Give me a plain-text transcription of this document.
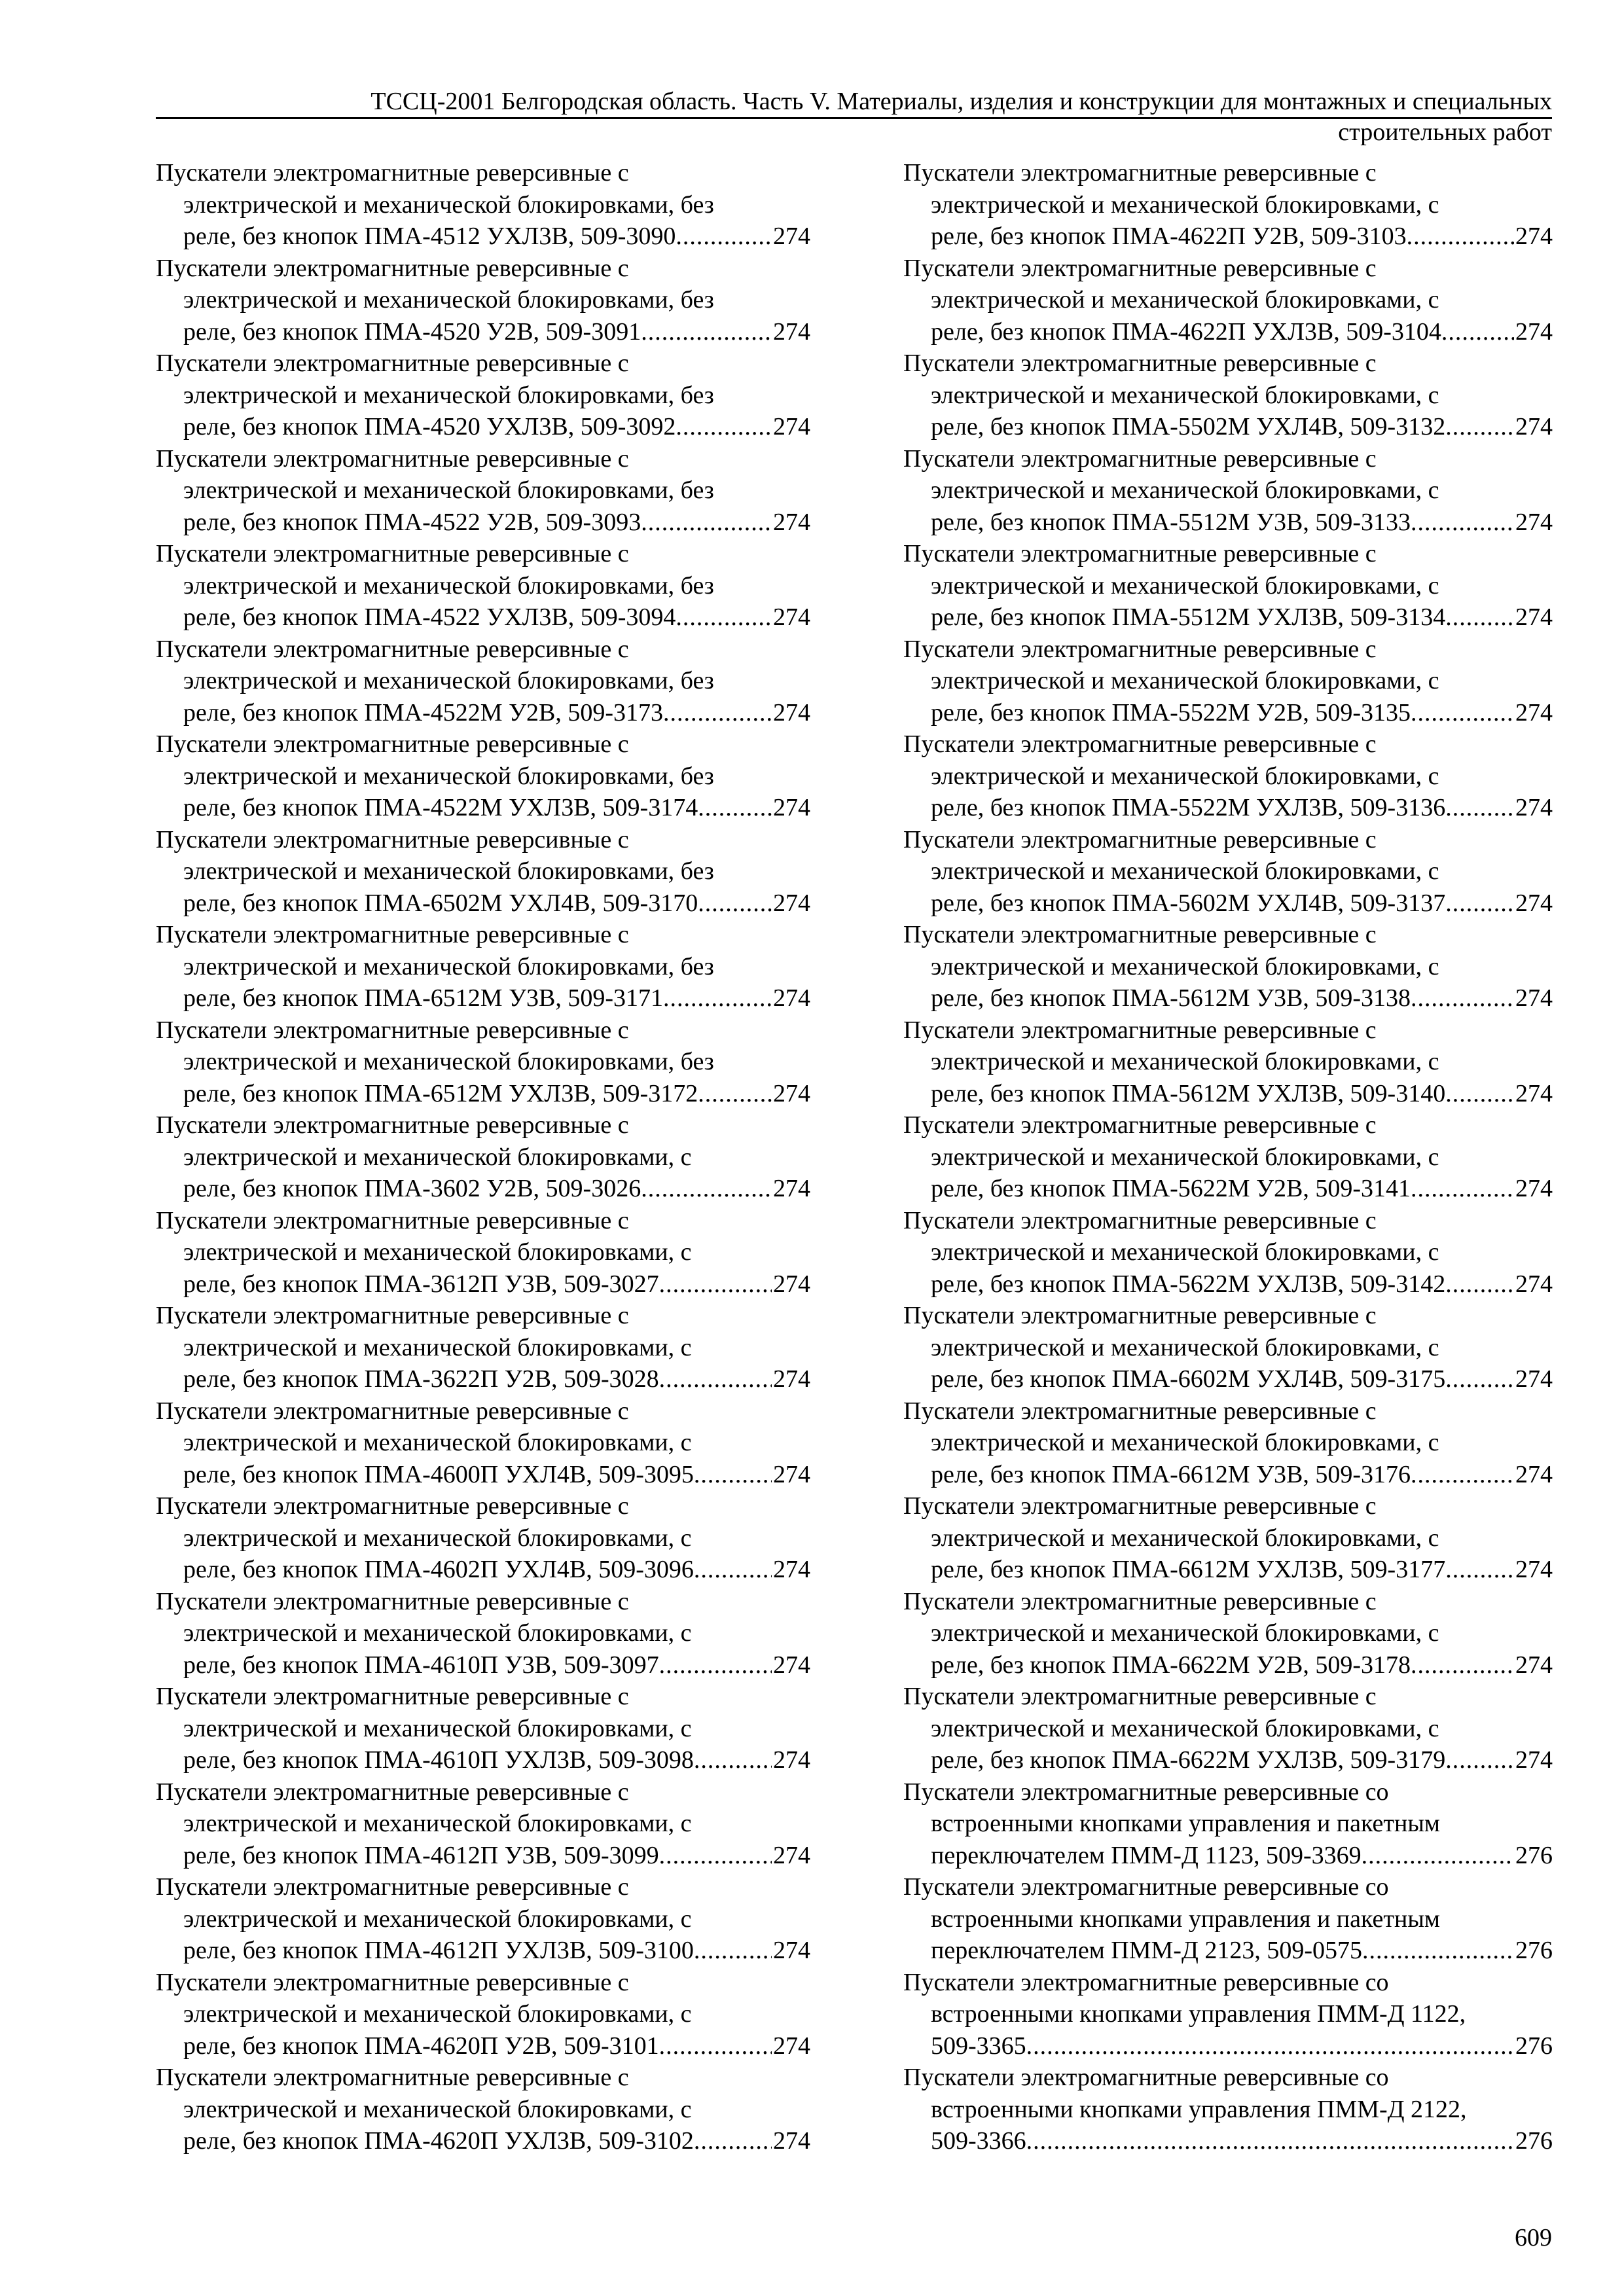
ТССЦ-2001 Белгородская область. Часть V. Материалы, изделия и конструкции для монтажных и специальных
строительных работ
Пускатели электромагнитные реверсивные с
электрической и механической блокировками, без
реле, без кнопок ПМА-4512 УХЛ3В, 509-3090 .....	274
Пускатели электромагнитные реверсивные с
электрической и механической блокировками, без
реле, без кнопок ПМА-4520 У2В, 509-3091 .....	274
Пускатели электромагнитные реверсивные с
электрической и механической блокировками, без
реле, без кнопок ПМА-4520 УХЛ3В, 509-3092 .....	274
Пускатели электромагнитные реверсивные с
электрической и механической блокировками, без
реле, без кнопок ПМА-4522 У2В, 509-3093 .....	274
Пускатели электромагнитные реверсивные с
электрической и механической блокировками, без
реле, без кнопок ПМА-4522 УХЛ3В, 509-3094 .....	274
Пускатели электромагнитные реверсивные с
электрической и механической блокировками, без
реле, без кнопок ПМА-4522М У2В, 509-3173 .....	274
Пускатели электромагнитные реверсивные с
электрической и механической блокировками, без
реле, без кнопок ПМА-4522М УХЛ3В, 509-3174 .....	274
Пускатели электромагнитные реверсивные с
электрической и механической блокировками, без
реле, без кнопок ПМА-6502М УХЛ4В, 509-3170 .....	274
Пускатели электромагнитные реверсивные с
электрической и механической блокировками, без
реле, без кнопок ПМА-6512М У3В, 509-3171 .....	274
Пускатели электромагнитные реверсивные с
электрической и механической блокировками, без
реле, без кнопок ПМА-6512М УХЛ3В, 509-3172 .....	274
Пускатели электромагнитные реверсивные с
электрической и механической блокировками, с
реле, без кнопок ПМА-3602 У2В, 509-3026 .....	274
Пускатели электромагнитные реверсивные с
электрической и механической блокировками, с
реле, без кнопок ПМА-3612П У3В, 509-3027 .....	274
Пускатели электромагнитные реверсивные с
электрической и механической блокировками, с
реле, без кнопок ПМА-3622П У2В, 509-3028 .....	274
Пускатели электромагнитные реверсивные с
электрической и механической блокировками, с
реле, без кнопок ПМА-4600П УХЛ4В, 509-3095 .....	274
Пускатели электромагнитные реверсивные с
электрической и механической блокировками, с
реле, без кнопок ПМА-4602П УХЛ4В, 509-3096 .....	274
Пускатели электромагнитные реверсивные с
электрической и механической блокировками, с
реле, без кнопок ПМА-4610П У3В, 509-3097 .....	274
Пускатели электромагнитные реверсивные с
электрической и механической блокировками, с
реле, без кнопок ПМА-4610П УХЛ3В, 509-3098 .....	274
Пускатели электромагнитные реверсивные с
электрической и механической блокировками, с
реле, без кнопок ПМА-4612П У3В, 509-3099 .....	274
Пускатели электромагнитные реверсивные с
электрической и механической блокировками, с
реле, без кнопок ПМА-4612П УХЛ3В, 509-3100 .....	274
Пускатели электромагнитные реверсивные с
электрической и механической блокировками, с
реле, без кнопок ПМА-4620П У2В, 509-3101 .....	274
Пускатели электромагнитные реверсивные с
электрической и механической блокировками, с
реле, без кнопок ПМА-4620П УХЛ3В, 509-3102 .....	274
Пускатели электромагнитные реверсивные с
электрической и механической блокировками, с
реле, без кнопок ПМА-4622П У2В, 509-3103 .....	274
Пускатели электромагнитные реверсивные с
электрической и механической блокировками, с
реле, без кнопок ПМА-4622П УХЛ3В, 509-3104 .....	274
Пускатели электромагнитные реверсивные с
электрической и механической блокировками, с
реле, без кнопок ПМА-5502М УХЛ4В, 509-3132 .....	274
Пускатели электромагнитные реверсивные с
электрической и механической блокировками, с
реле, без кнопок ПМА-5512М У3В, 509-3133 .....	274
Пускатели электромагнитные реверсивные с
электрической и механической блокировками, с
реле, без кнопок ПМА-5512М УХЛ3В, 509-3134 .....	274
Пускатели электромагнитные реверсивные с
электрической и механической блокировками, с
реле, без кнопок ПМА-5522М У2В, 509-3135 .....	274
Пускатели электромагнитные реверсивные с
электрической и механической блокировками, с
реле, без кнопок ПМА-5522М УХЛ3В, 509-3136 .....	274
Пускатели электромагнитные реверсивные с
электрической и механической блокировками, с
реле, без кнопок ПМА-5602М УХЛ4В, 509-3137 .....	274
Пускатели электромагнитные реверсивные с
электрической и механической блокировками, с
реле, без кнопок ПМА-5612М У3В, 509-3138 .....	274
Пускатели электромагнитные реверсивные с
электрической и механической блокировками, с
реле, без кнопок ПМА-5612М УХЛ3В, 509-3140 .....	274
Пускатели электромагнитные реверсивные с
электрической и механической блокировками, с
реле, без кнопок ПМА-5622М У2В, 509-3141 .....	274
Пускатели электромагнитные реверсивные с
электрической и механической блокировками, с
реле, без кнопок ПМА-5622М УХЛ3В, 509-3142 .....	274
Пускатели электромагнитные реверсивные с
электрической и механической блокировками, с
реле, без кнопок ПМА-6602М УХЛ4В, 509-3175 .....	274
Пускатели электромагнитные реверсивные с
электрической и механической блокировками, с
реле, без кнопок ПМА-6612М У3В, 509-3176 .....	274
Пускатели электромагнитные реверсивные с
электрической и механической блокировками, с
реле, без кнопок ПМА-6612М УХЛ3В, 509-3177 .....	274
Пускатели электромагнитные реверсивные с
электрической и механической блокировками, с
реле, без кнопок ПМА-6622М У2В, 509-3178 .....	274
Пускатели электромагнитные реверсивные с
электрической и механической блокировками, с
реле, без кнопок ПМА-6622М УХЛ3В, 509-3179 .....	274
Пускатели электромагнитные реверсивные со
встроенными кнопками управления и пакетным
переключателем ПММ-Д 1123, 509-3369 .....	276
Пускатели электромагнитные реверсивные со
встроенными кнопками управления и пакетным
переключателем ПММ-Д 2123, 509-0575 .....	276
Пускатели электромагнитные реверсивные со
встроенными кнопками управления ПММ-Д 1122,
509-3365 .....	276
Пускатели электромагнитные реверсивные со
встроенными кнопками управления ПММ-Д 2122,
509-3366 .....	276
609
